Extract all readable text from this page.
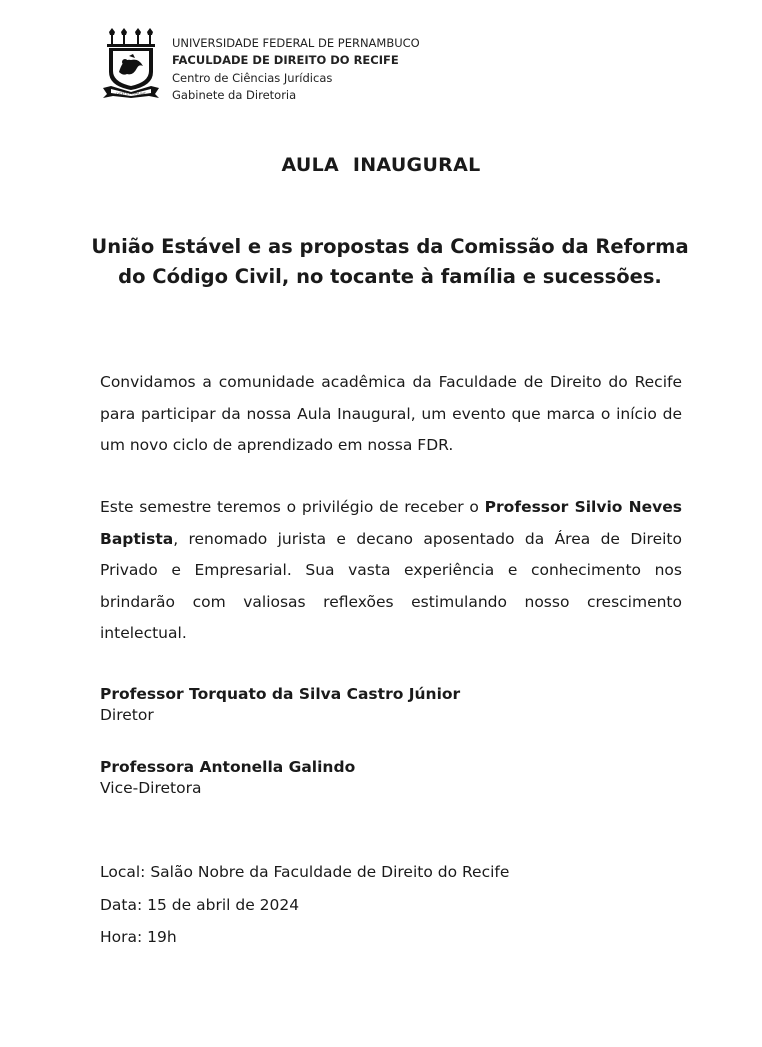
LVCET ET IMPVLSAT
UNIVERSIDADE FEDERAL DE PERNAMBUCO
FACULDADE DE DIREITO DO RECIFE
Centro de Ciências Jurídicas
Gabinete da Diretoria
AULA  INAUGURAL
União Estável e as propostas da Comissão da Reforma
do Código Civil, no tocante à família e sucessões.
Convidamos a comunidade acadêmica da Faculdade de Direito do Recife para participar da nossa Aula Inaugural, um evento que marca o início de um novo ciclo de aprendizado em nossa FDR.
Este semestre teremos o privilégio de receber o Professor Silvio Neves Baptista, renomado jurista e decano aposentado da Área de Direito Privado e Empresarial. Sua vasta experiência e conhecimento nos brindarão com valiosas reflexões estimulando nosso crescimento intelectual.
Professor Torquato da Silva Castro Júnior
Diretor
Professora Antonella Galindo
Vice-Diretora
Local: Salão Nobre da Faculdade de Direito do Recife
Data: 15 de abril de 2024
Hora: 19h
